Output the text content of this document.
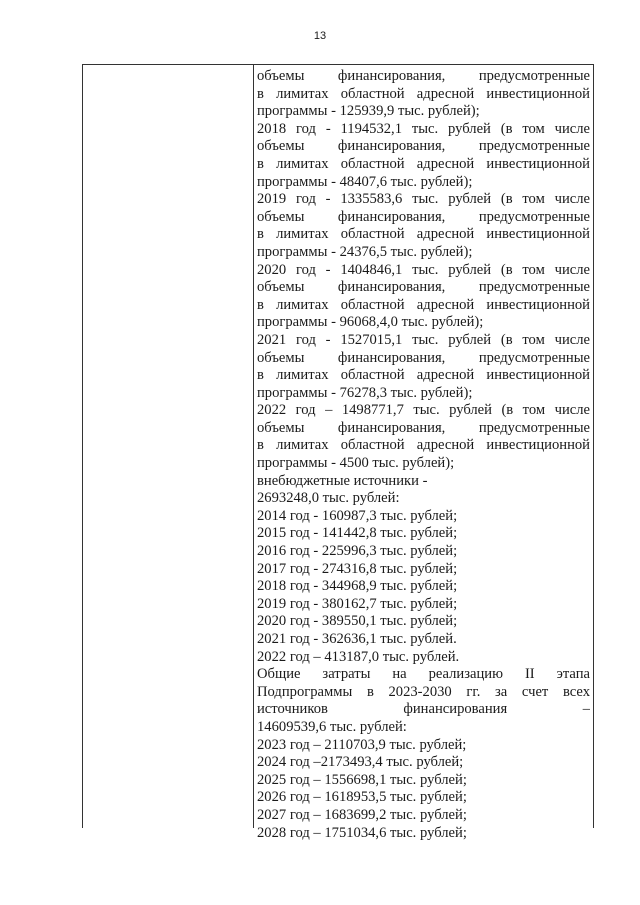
13
объемы финансирования, предусмотренные
в лимитах областной адресной инвестиционной
программы - 125939,9 тыс. рублей);
2018 год - 1194532,1 тыс. рублей (в том числе
объемы финансирования, предусмотренные
в лимитах областной адресной инвестиционной
программы - 48407,6 тыс. рублей);
2019 год - 1335583,6 тыс. рублей (в том числе
объемы финансирования, предусмотренные
в лимитах областной адресной инвестиционной
программы - 24376,5 тыс. рублей);
2020 год - 1404846,1 тыс. рублей (в том числе
объемы финансирования, предусмотренные
в лимитах областной адресной инвестиционной
программы - 96068,4,0 тыс. рублей);
2021 год - 1527015,1 тыс. рублей (в том числе
объемы финансирования, предусмотренные
в лимитах областной адресной инвестиционной
программы - 76278,3 тыс. рублей);
2022 год – 1498771,7 тыс. рублей (в том числе
объемы финансирования, предусмотренные
в лимитах областной адресной инвестиционной
программы - 4500 тыс. рублей);
внебюджетные источники -
2693248,0 тыс. рублей:
2014 год - 160987,3 тыс. рублей;
2015 год - 141442,8 тыс. рублей;
2016 год - 225996,3 тыс. рублей;
2017 год - 274316,8 тыс. рублей;
2018 год - 344968,9 тыс. рублей;
2019 год - 380162,7 тыс. рублей;
2020 год - 389550,1 тыс. рублей;
2021 год - 362636,1 тыс. рублей.
2022 год – 413187,0 тыс. рублей.
Общие затраты на реализацию II этапа
Подпрограммы в 2023-2030 гг. за счет всех
источников финансирования –
14609539,6 тыс. рублей:
2023 год – 2110703,9 тыс. рублей;
2024 год –2173493,4 тыс. рублей;
2025 год – 1556698,1 тыс. рублей;
2026 год – 1618953,5 тыс. рублей;
2027 год – 1683699,2 тыс. рублей;
2028 год – 1751034,6 тыс. рублей;
